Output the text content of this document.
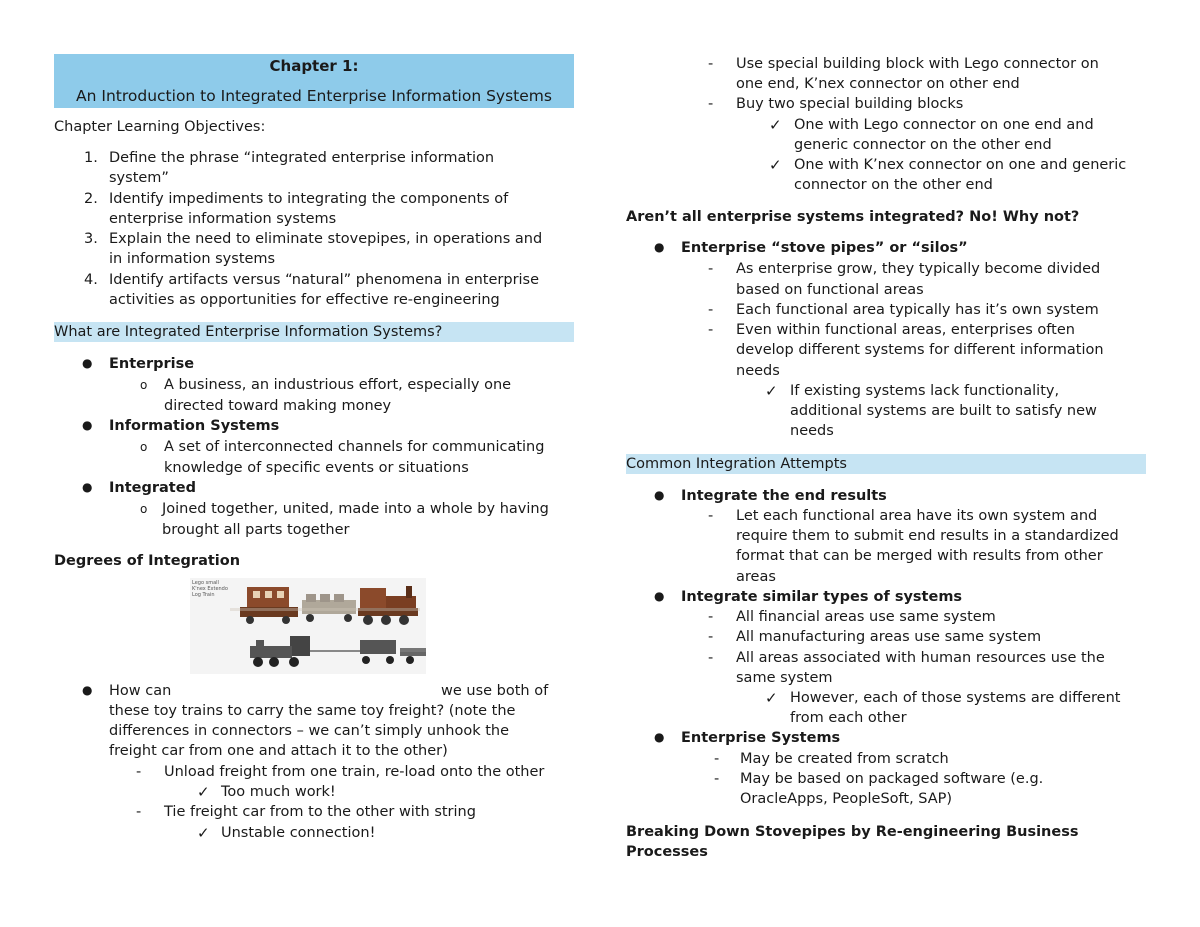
Chapter 1:
An Introduction to Integrated Enterprise Information Systems
Chapter Learning Objectives:
1. Define the phrase “integrated enterprise information
system”
2. Identify impediments to integrating the components of
enterprise information systems
3. Explain the need to eliminate stovepipes, in operations and
in information systems
4. Identify artifacts versus “natural” phenomena in enterprise
activities as opportunities for effective re-engineering
What are Integrated Enterprise Information Systems?
● Enterprise
o A business, an industrious effort, especially one
directed toward making money
● Information Systems
o A set of interconnected channels for communicating
knowledge of specific events or situations
● Integrated
o Joined together, united, made into a whole by having
brought all parts together
Degrees of Integration
Lego small
K'nex Extendo
Log Train
● How can	we use both of
these toy trains to carry the same toy freight? (note the
differences in connectors – we can’t simply unhook the
freight car from one and attach it to the other)
- Unload freight from one train, re-load onto the other
✓ Too much work!
- Tie freight car from to the other with string
✓ Unstable connection!
- Use special building block with Lego connector on
one end, K’nex connector on other end
- Buy two special building blocks
✓ One with Lego connector on one end and
generic connector on the other end
✓ One with K’nex connector on one and generic
connector on the other end
Aren’t all enterprise systems integrated? No! Why not?
● Enterprise “stove pipes” or “silos”
- As enterprise grow, they typically become divided
based on functional areas
- Each functional area typically has it’s own system
- Even within functional areas, enterprises often
develop different systems for different information
needs
✓ If existing systems lack functionality,
additional systems are built to satisfy new
needs
Common Integration Attempts
● Integrate the end results
- Let each functional area have its own system and
require them to submit end results in a standardized
format that can be merged with results from other
areas
● Integrate similar types of systems
- All financial areas use same system
- All manufacturing areas use same system
- All areas associated with human resources use the
same system
✓ However, each of those systems are different
from each other
● Enterprise Systems
- May be created from scratch
- May be based on packaged software (e.g.
OracleApps, PeopleSoft, SAP)
Breaking Down Stovepipes by Re-engineering Business
Processes
